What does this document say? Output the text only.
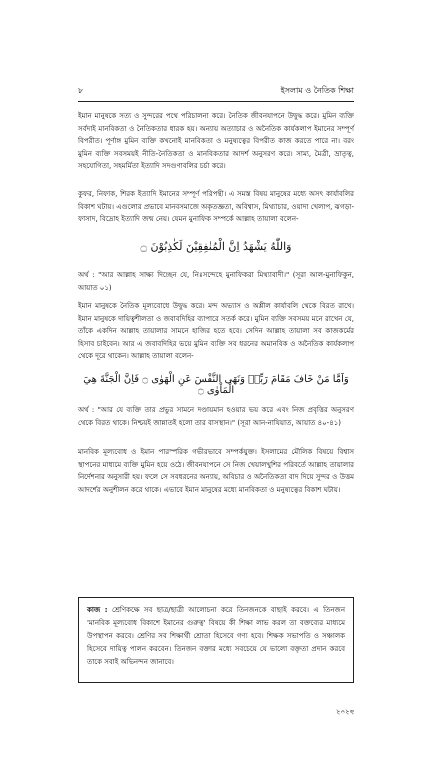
৮	ইসলাম ও নৈতিক শিক্ষা

ইমান মানুষকে সত্য ও সুন্দরের পথে পরিচালনা করে। নৈতিক জীবনযাপনে উদ্বুদ্ধ করে। মুমিন ব্যক্তি সর্বদাই মানবিকতা ও নৈতিকতার ধারক হয়। অন্যায় অত্যাচার ও অনৈতিক কার্যকলাপ ইমানের সম্পূর্ণ বিপরীত। পূর্ণাঙ্গ মুমিন ব্যক্তি কখনোই মানবিকতা ও মনুষ্যত্বের বিপরীত কাজ করতে পারে না। বরং মুমিন ব্যক্তি সবসময়ই নীতি-নৈতিকতা ও মানবিকতার আদর্শ অনুসরণ করে। সাম্য, মৈত্রী, ভ্রাতৃত্ব, সহযোগিতা, সহমর্মিতা ইত্যাদি সদগুণাবলির চর্চা করে।

কুফর, নিফাক, শিরক ইত্যাদি ইমানের সম্পূর্ণ পরিপন্থী। এ সমস্ত বিষয় মানুষের মধ্যে অসৎ কার্যাবলির বিকাশ ঘটায়। এগুলোর প্রভাবে মানবসমাজে অকৃতজ্ঞতা, অবিশ্বাস, মিথ্যাচার, ওয়াদা খেলাপ, ঝগড়া-ফাসাদ, বিদ্রোহ ইত্যাদি জন্ম নেয়। যেমন মুনাফিক সম্পর্কে আল্লাহ তায়ালা বলেন-

وَاللّٰهُ يَشْهَدُ اِنَّ الْمُنٰفِقِيْنَ لَكٰذِبُوْنَ ۝

অর্থ : "আর আল্লাহ সাক্ষ্য দিচ্ছেন যে, নিঃসন্দেহে মুনাফিকরা মিথ্যাবাদী।" (সূরা আল-মুনাফিকুন, আয়াত ০১)

ইমান মানুষকে নৈতিক মূল্যবোধে উদ্বুদ্ধ করে। মন্দ অভ্যাস ও অশ্লীল কার্যাবলি থেকে বিরত রাখে। ইমান মানুষকে দায়িত্বশীলতা ও জবাবদিহির ব্যাপারে সতর্ক করে। মুমিন ব্যক্তি সবসময় মনে রাখেন যে, তাঁকে একদিন আল্লাহ তায়ালার সামনে হাজির হতে হবে। সেদিন আল্লাহ তায়ালা সব কাজকর্মের হিসাব চাইবেন। আর এ জবাবদিহির ভয়ে মুমিন ব্যক্তি সব ধরনের অমানবিক ও অনৈতিক কার্যকলাপ থেকে দূরে থাকেন। আল্লাহ তায়ালা বলেন-

وَاَمَّا مَنْ خَافَ مَقَامَ رَبِّهٖ وَنَهَى النَّفْسَ عَنِ الْهَوٰى ۝ فَاِنَّ الْجَنَّةَ هِيَ الْمَاْوٰى ۝

অর্থ : "আর যে ব্যক্তি তার প্রভুর সামনে দণ্ডায়মান হওয়ার ভয় করে এবং নিজ প্রবৃত্তির অনুসরণ থেকে বিরত থাকে। নিশ্চয়ই জান্নাতই হলো তার বাসস্থান।" (সূরা আন-নাযিয়াত, আয়াত ৪০-৪১)

মানবিক মূল্যবোধ ও ইমান পারস্পরিক গভীরভাবে সম্পর্কযুক্ত। ইসলামের মৌলিক বিষয়ে বিশ্বাস স্থাপনের মাধ্যমে ব্যক্তি মুমিন হয়ে ওঠে। জীবনযাপনে সে নিজ খেয়ালখুশির পরিবর্তে আল্লাহ তায়ালার নির্দেশনার অনুসারী হয়। ফলে সে সবধরনের অন্যায়, অবিচার ও অনৈতিকতা বাদ দিয়ে সুন্দর ও উত্তম আদর্শের অনুশীলন করে থাকে। এভাবে ইমান মানুষের মধ্যে মানবিকতা ও মনুষ্যত্বের বিকাশ ঘটায়।

কাজ : শ্রেণিকক্ষে সব ছাত্র/ছাত্রী আলোচনা করে তিনজনকে বাছাই করবে। এ তিনজন 'মানবিক মূল্যবোধ বিকাশে ইমানের গুরুত্ব' বিষয়ে কী শিক্ষা লাভ করল তা বক্তব্যের মাধ্যমে উপস্থাপন করবে। শ্রেণির সব শিক্ষার্থী শ্রোতা হিসেবে গণ্য হবে। শিক্ষক সভাপতি ও সঞ্চালক হিসেবে দায়িত্ব পালন করবেন। তিনজন বক্তার মধ্যে সবচেয়ে যে ভালো বক্তৃতা প্রদান করবে তাকে সবাই অভিনন্দন জানাবে।
৯২০২
